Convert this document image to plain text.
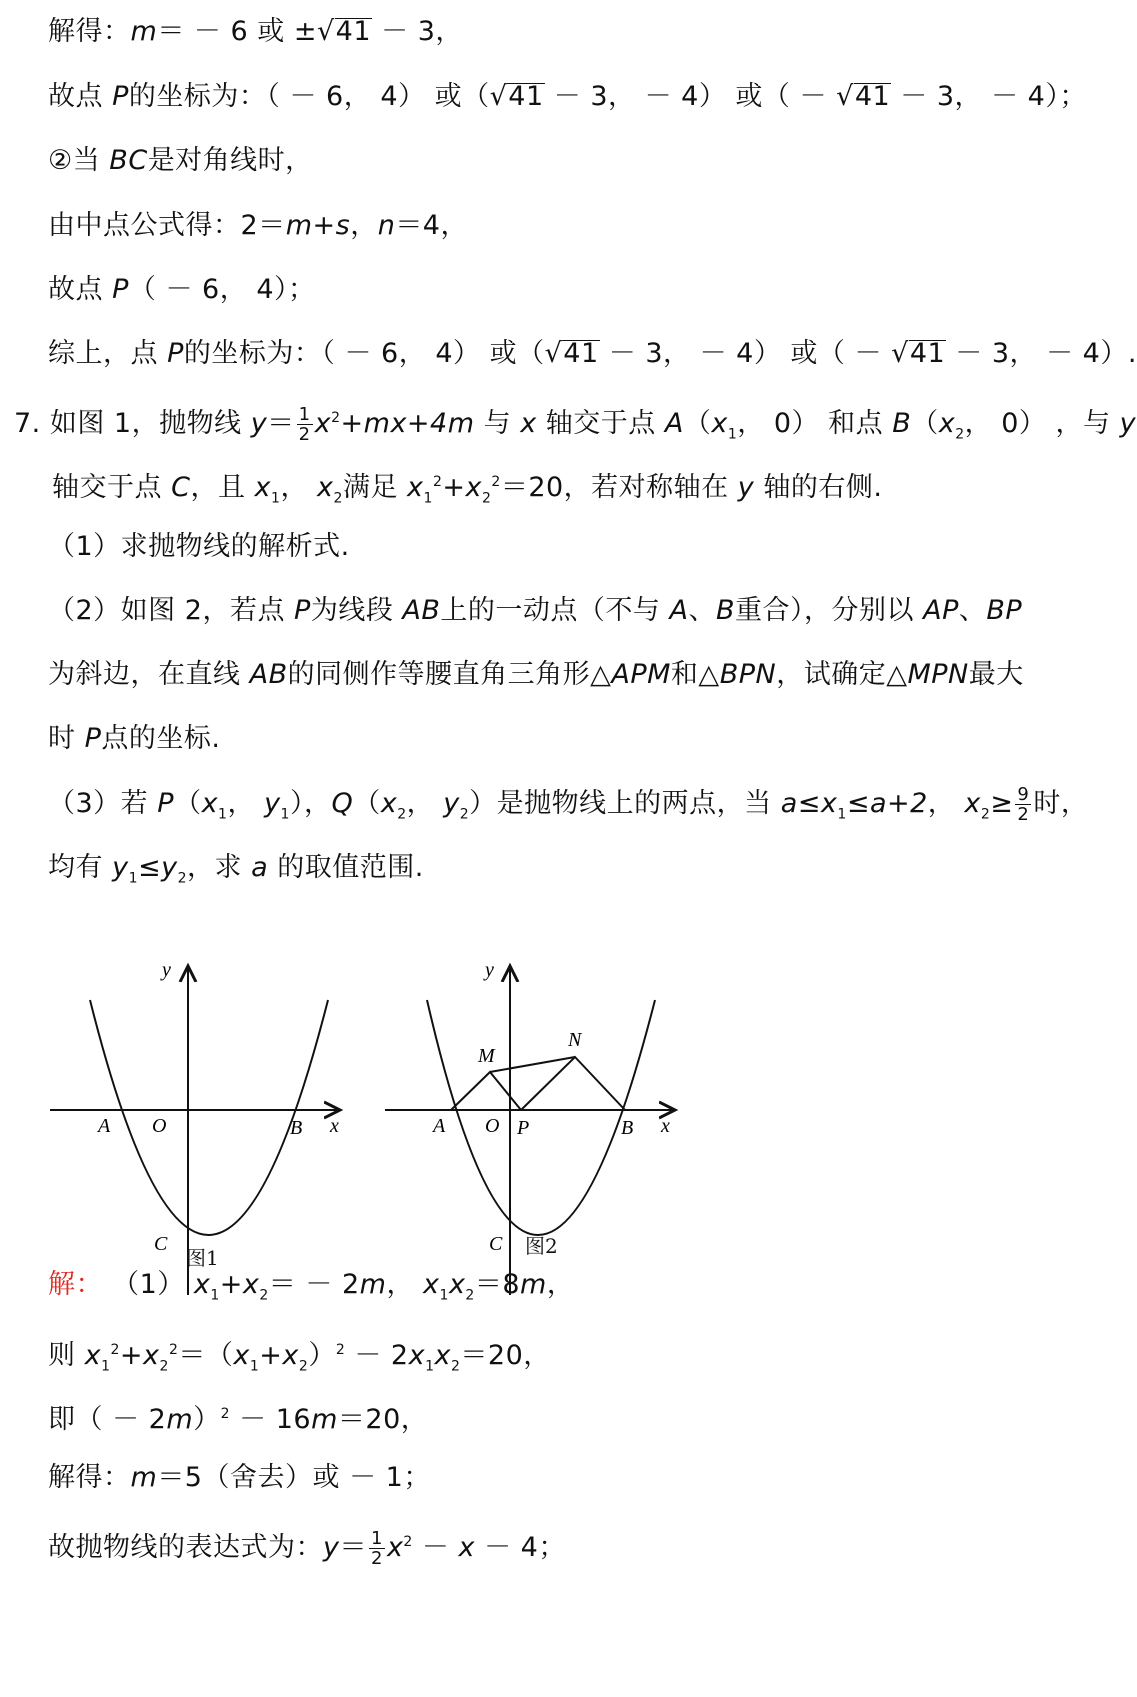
解得：m＝ － 6 或 ±√41 － 3，
故点 P的坐标为：（ － 6， 4） 或（√41 － 3， － 4） 或（ － √41 － 3， － 4）；
②当 BC是对角线时，
由中点公式得：2＝m+s，n＝4，
故点 P（ － 6， 4）；
综上，点 P的坐标为：（ － 6， 4） 或（√41 － 3， － 4） 或（ － √41 － 3， － 4）.
7. 如图 1，抛物线 $y= \frac{1}{2} x^2+mx+4m$ 与 x 轴交于点 $A(x_1$， 0） 和点 $B(x_2$， 0） ，与 y
轴交于点 C，且 $x_1$， $x_2$满足 $x_1^2+x_2^2=20$，若对称轴在 y 轴的右侧.
（1）求抛物线的解析式.
（2）如图 2，若点 P为线段 AB上的一动点（不与 A、B重合），分别以 AP、BP
为斜边，在直线 AB的同侧作等腰直角三角形△APM和△BPN，试确定△MPN最大
时 P点的坐标.
（3）若 $P(x_1$， $y_1$），$Q(x_2$， $y_2$）是抛物线上的两点，当 $a\le x_1\le a+2$， $x_2\ge \frac{9}{2}$ 时，
均有 $y_1\le y_2$，求 a 的取值范围.
y
x
A O	B
C
图1
y
x
A O P	B
C
M
N
图2
解： （1） $x_1+x_2= - 2m$， $x_1x_2=8m$，
则 $x_1^2+x_2^2=(x_1+x_2)^2 - 2x_1x_2=20$，
即（ － 2m）$^2$ － 16m＝20，
解得：m＝5（舍去）或 － 1；
故抛物线的表达式为：$y= \frac{1}{2} x^2 - x - 4$；
